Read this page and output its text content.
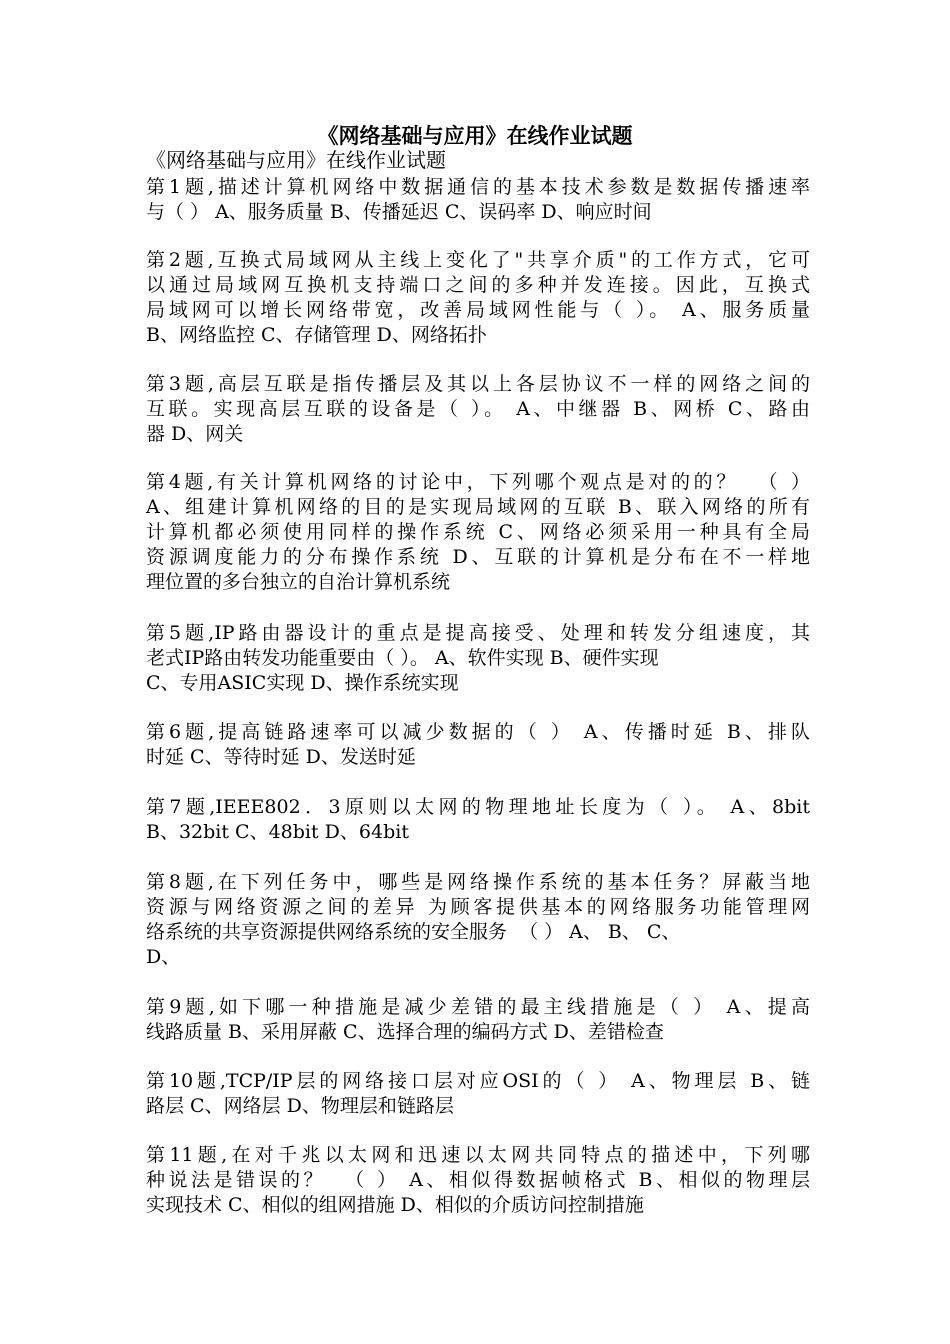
《网络基础与应用》在线作业试题
《网络基础与应用》在线作业试题
第1题,描述计算机网络中数据通信的基本技术参数是数据传播速率
与（ ） A、服务质量 B、传播延迟 C、误码率 D、响应时间
第2题,互换式局域网从主线上变化了"共享介质"的工作方式，它可
以通过局域网互换机支持端口之间的多种并发连接。因此，互换式
局域网可以增长网络带宽，改善局域网性能与（ ）。 A、服务质量
B、网络监控 C、存储管理 D、网络拓扑
第3题,高层互联是指传播层及其以上各层协议不一样的网络之间的
互联。实现高层互联的设备是（ ）。 A、中继器 B、网桥 C、路由
器 D、网关
第4题,有关计算机网络的讨论中，下列哪个观点是对的的？  （ ）
A、组建计算机网络的目的是实现局域网的互联 B、联入网络的所有
计算机都必须使用同样的操作系统 C、网络必须采用一种具有全局
资源调度能力的分布操作系统 D、互联的计算机是分布在不一样地
理位置的多台独立的自治计算机系统
第5题,IP路由器设计的重点是提高接受、处理和转发分组速度，其
老式IP路由转发功能重要由（ ）。 A、软件实现 B、硬件实现
C、专用ASIC实现 D、操作系统实现
第6题,提高链路速率可以减少数据的（ ） A、传播时延 B、排队
时延 C、等待时延 D、发送时延
第7题,IEEE802．3原则以太网的物理地址长度为（ ）。 A、8bit
B、32bit C、48bit D、64bit
第8题,在下列任务中，哪些是网络操作系统的基本任务？屏蔽当地
资源与网络资源之间的差异 为顾客提供基本的网络服务功能管理网
络系统的共享资源提供网络系统的安全服务  （ ） A、 B、 C、
D、
第9题,如下哪一种措施是减少差错的最主线措施是（ ） A、提高
线路质量 B、采用屏蔽 C、选择合理的编码方式 D、差错检查
第10题,TCP/IP层的网络接口层对应OSI的（ ） A、物理层 B、链
路层 C、网络层 D、物理层和链路层
第11题,在对千兆以太网和迅速以太网共同特点的描述中，下列哪
种说法是错误的？  （ ） A、相似得数据帧格式 B、相似的物理层
实现技术 C、相似的组网措施 D、相似的介质访问控制措施
